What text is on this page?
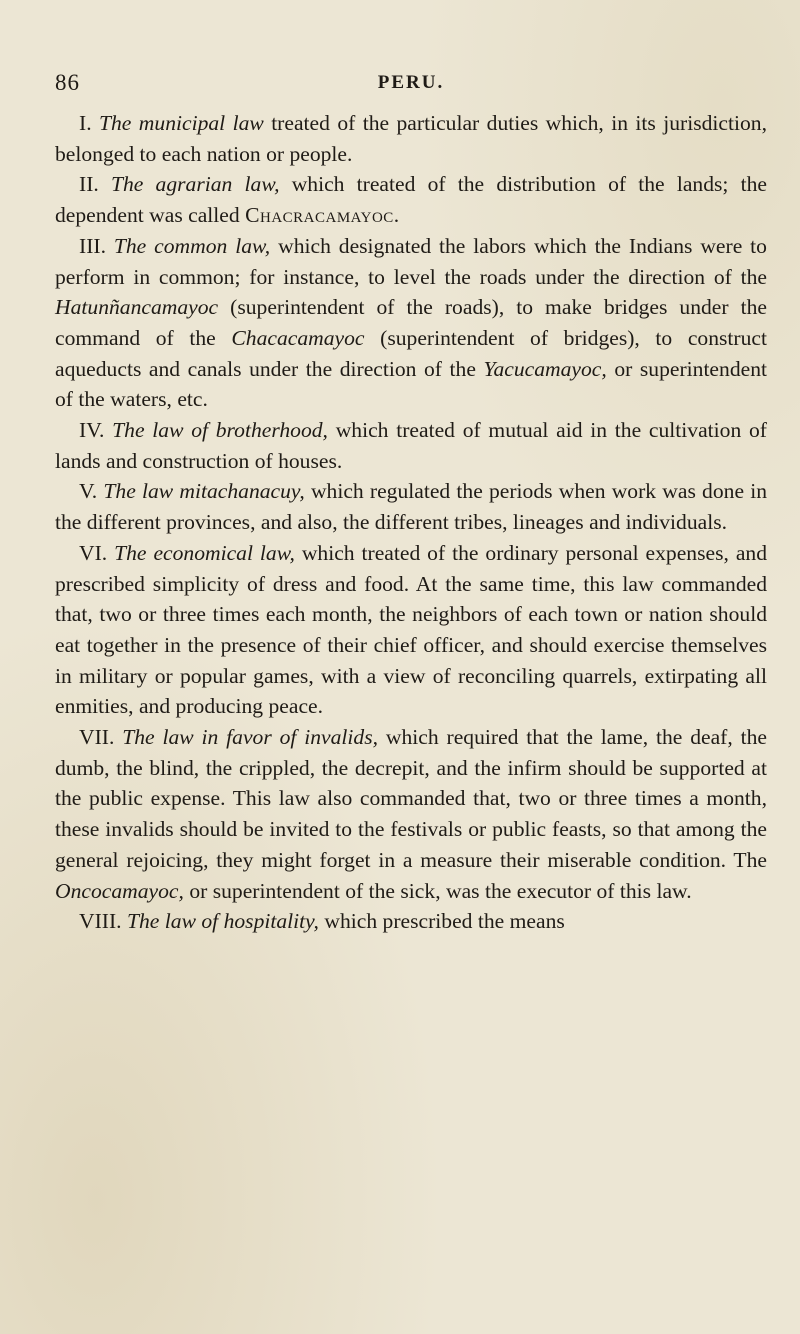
86	PERU.

I. The municipal law treated of the particular duties which, in its jurisdiction, belonged to each nation or people.

II. The agrarian law, which treated of the distribution of the lands; the dependent was called Chacracamayoc.

III. The common law, which designated the labors which the Indians were to perform in common; for instance, to level the roads under the direction of the Hatunñancamayoc (superintendent of the roads), to make bridges under the command of the Chacacamayoc (superintendent of bridges), to construct aqueducts and canals under the direction of the Yacucamayoc, or superintendent of the waters, etc.

IV. The law of brotherhood, which treated of mutual aid in the cultivation of lands and construction of houses.

V. The law mitachanacuy, which regulated the periods when work was done in the different provinces, and also, the different tribes, lineages and individuals.

VI. The economical law, which treated of the ordinary personal expenses, and prescribed simplicity of dress and food. At the same time, this law commanded that, two or three times each month, the neighbors of each town or nation should eat together in the presence of their chief officer, and should exercise themselves in military or popular games, with a view of reconciling quarrels, extirpating all enmities, and producing peace.

VII. The law in favor of invalids, which required that the lame, the deaf, the dumb, the blind, the crippled, the decrepit, and the infirm should be supported at the public expense. This law also commanded that, two or three times a month, these invalids should be invited to the festivals or public feasts, so that among the general rejoicing, they might forget in a measure their miserable condition. The Oncocamayoc, or superintendent of the sick, was the executor of this law.

VIII. The law of hospitality, which prescribed the means
